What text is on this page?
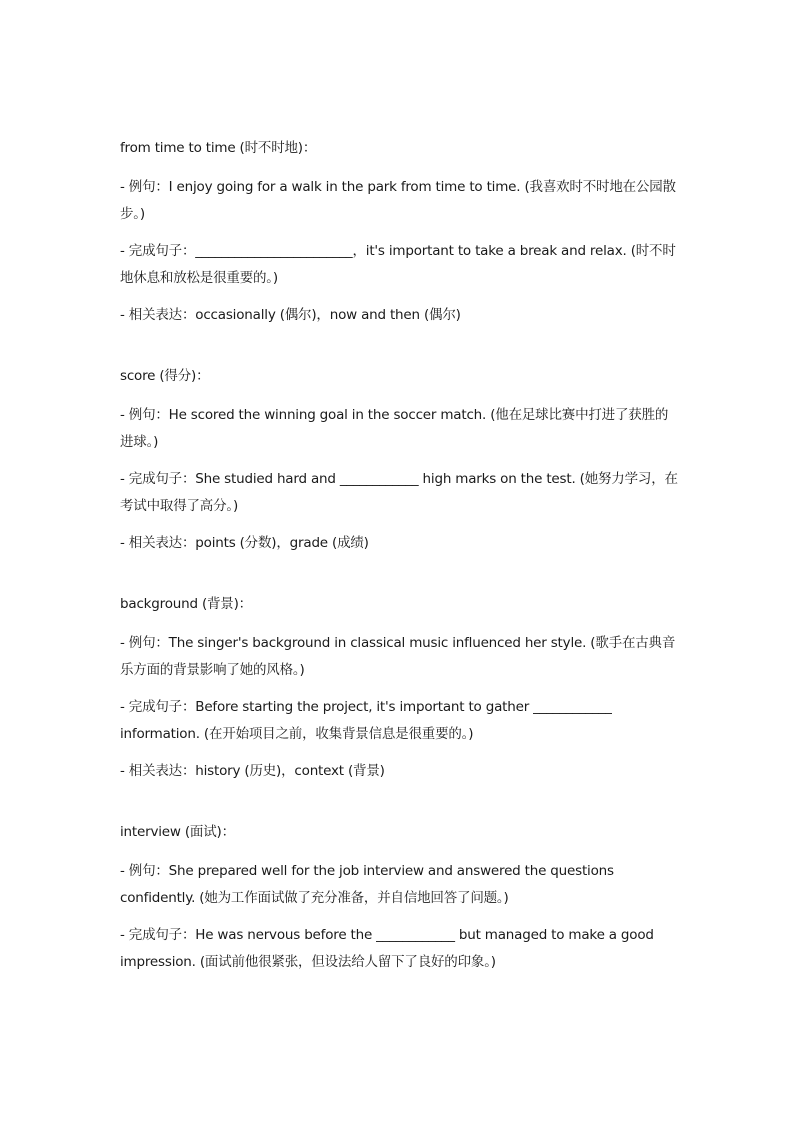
from time to time (时不时地)：

- 例句：I enjoy going for a walk in the park from time to time. (我喜欢时不时地在公园散步。)

- 完成句子：________________________，it's important to take a break and relax. (时不时地休息和放松是很重要的。)

- 相关表达：occasionally (偶尔)，now and then (偶尔)

score (得分)：

- 例句：He scored the winning goal in the soccer match. (他在足球比赛中打进了获胜的进球。)

- 完成句子：She studied hard and ____________ high marks on the test. (她努力学习，在考试中取得了高分。)

- 相关表达：points (分数)，grade (成绩)

background (背景)：

- 例句：The singer's background in classical music influenced her style. (歌手在古典音乐方面的背景影响了她的风格。)

- 完成句子：Before starting the project, it's important to gather ____________ information. (在开始项目之前，收集背景信息是很重要的。)

- 相关表达：history (历史)，context (背景)

interview (面试)：

- 例句：She prepared well for the job interview and answered the questions confidently. (她为工作面试做了充分准备，并自信地回答了问题。)

- 完成句子：He was nervous before the ____________ but managed to make a good impression. (面试前他很紧张，但设法给人留下了良好的印象。)
